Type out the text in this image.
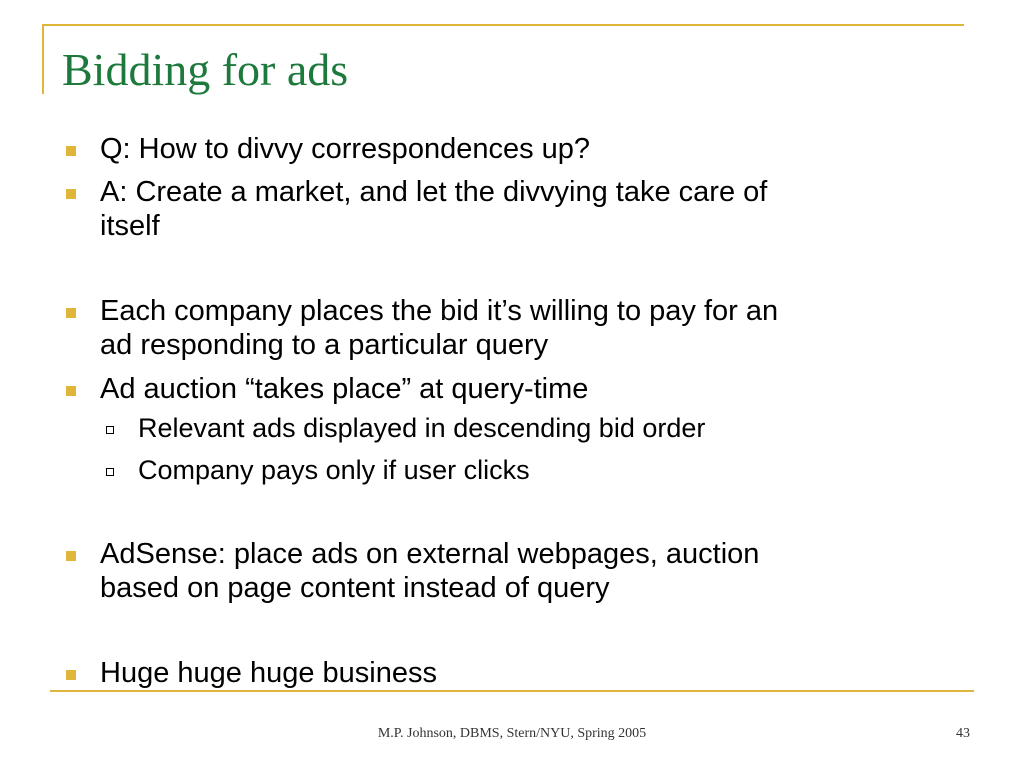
Bidding for ads
Q: How to divvy correspondences up?
A: Create a market, and let the divvying take care of
itself
Each company places the bid it’s willing to pay for an
ad responding to a particular query
Ad auction “takes place” at query-time
Relevant ads displayed in descending bid order
Company pays only if user clicks
AdSense: place ads on external webpages, auction
based on page content instead of query
Huge huge huge business
M.P. Johnson, DBMS, Stern/NYU, Spring 2005	43
